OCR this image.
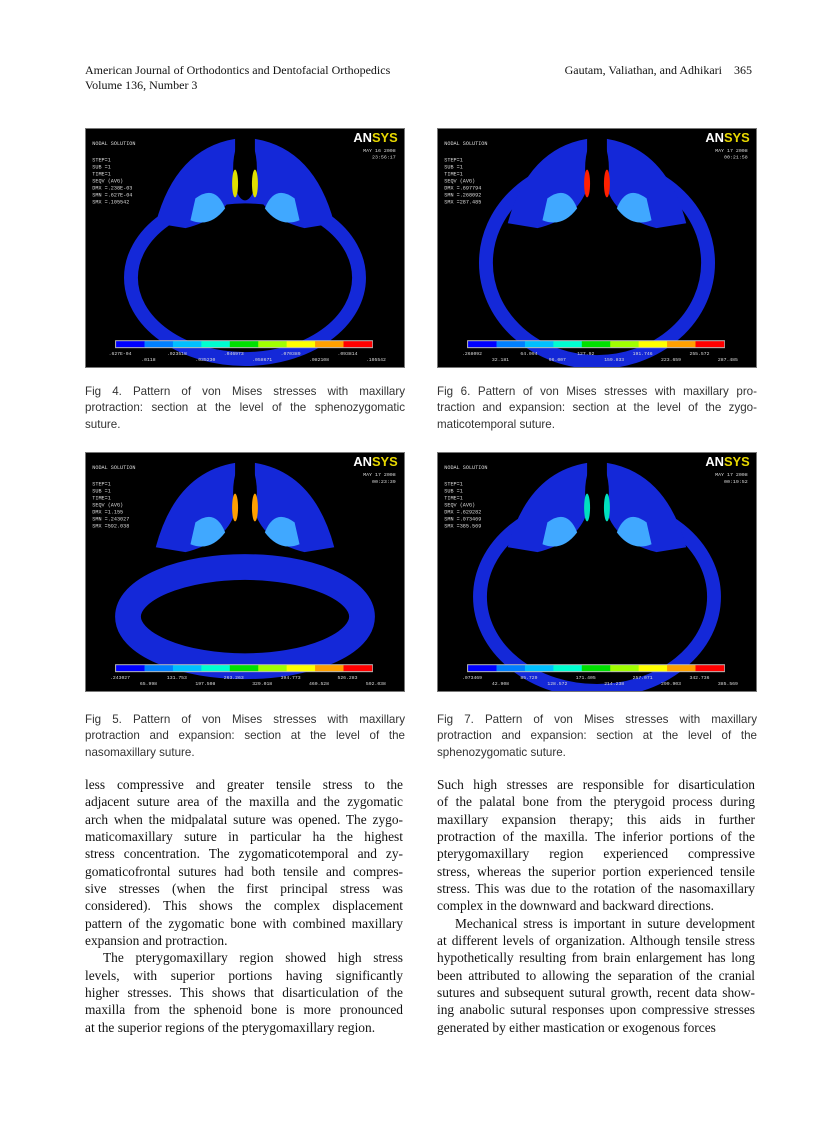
American Journal of Orthodontics and Dentofacial Orthopedics
Volume 136, Number 3
Gautam, Valiathan, and Adhikari 365
NODAL SOLUTION
STEP=1
SUB =1
TIME=1
SEQV (AVG)
DMX =.238E-03
SMN =.627E-04
SMX =.105542
ANSYS
MAY 16 2008
23:56:17
.627E-04	.023518	.046973	.070389	.093814
.0118	.035230	.058671	.082108	.105542
NODAL SOLUTION
STEP=1
SUB =1
TIME=1
SEQV (AVG)
DMX =.697794
SMN =.268092
SMX =287.485
ANSYS
MAY 17 2008
00:21:58
.268092	64.094	127.92	191.746	255.572
32.181	96.007	159.833	223.659	287.485
NODAL SOLUTION
STEP=1
SUB =1
TIME=1
SEQV (AVG)
DMX =1.155
SMN =.243027
SMX =592.038
ANSYS
MAY 17 2008
00:23:39
.243027	131.753	263.263	394.773	526.283
65.998	197.508	329.018	460.528	592.038
NODAL SOLUTION
STEP=1
SUB =1
TIME=1
SEQV (AVG)
DMX =.629282
SMN =.073469
SMX =385.569
ANSYS
MAY 17 2008
00:19:52
.073469	85.729	171.405	257.071	342.736
42.908	128.572	214.238	299.903	385.569
Fig 4. Pattern of von Mises stresses with maxillary
protraction: section at the level of the sphenozygomatic
suture.
Fig 6. Pattern of von Mises stresses with maxillary pro-
traction and expansion: section at the level of the zygo-
maticotemporal suture.
Fig 5. Pattern of von Mises stresses with maxillary
protraction and expansion: section at the level of the
nasomaxillary suture.
Fig 7. Pattern of von Mises stresses with maxillary
protraction and expansion: section at the level of the
sphenozygomatic suture.
less compressive and greater tensile stress to the
adjacent suture area of the maxilla and the zygomatic
arch when the midpalatal suture was opened. The zygo-
maticomaxillary suture in particular ha the highest
stress concentration. The zygomaticotemporal and zy-
gomaticofrontal sutures had both tensile and compres-
sive stresses (when the first principal stress was
considered). This shows the complex displacement
pattern of the zygomatic bone with combined maxillary
expansion and protraction.
The pterygomaxillary region showed high stress
levels, with superior portions having significantly
higher stresses. This shows that disarticulation of the
maxilla from the sphenoid bone is more pronounced
at the superior regions of the pterygomaxillary region.
Such high stresses are responsible for disarticulation
of the palatal bone from the pterygoid process during
maxillary expansion therapy; this aids in further
protraction of the maxilla. The inferior portions of the
pterygomaxillary region experienced compressive
stress, whereas the superior portion experienced tensile
stress. This was due to the rotation of the nasomaxillary
complex in the downward and backward directions.
Mechanical stress is important in suture development
at different levels of organization. Although tensile stress
hypothetically resulting from brain enlargement has long
been attributed to allowing the separation of the cranial
sutures and subsequent sutural growth, recent data show-
ing anabolic sutural responses upon compressive stresses
generated by either mastication or exogenous forces
